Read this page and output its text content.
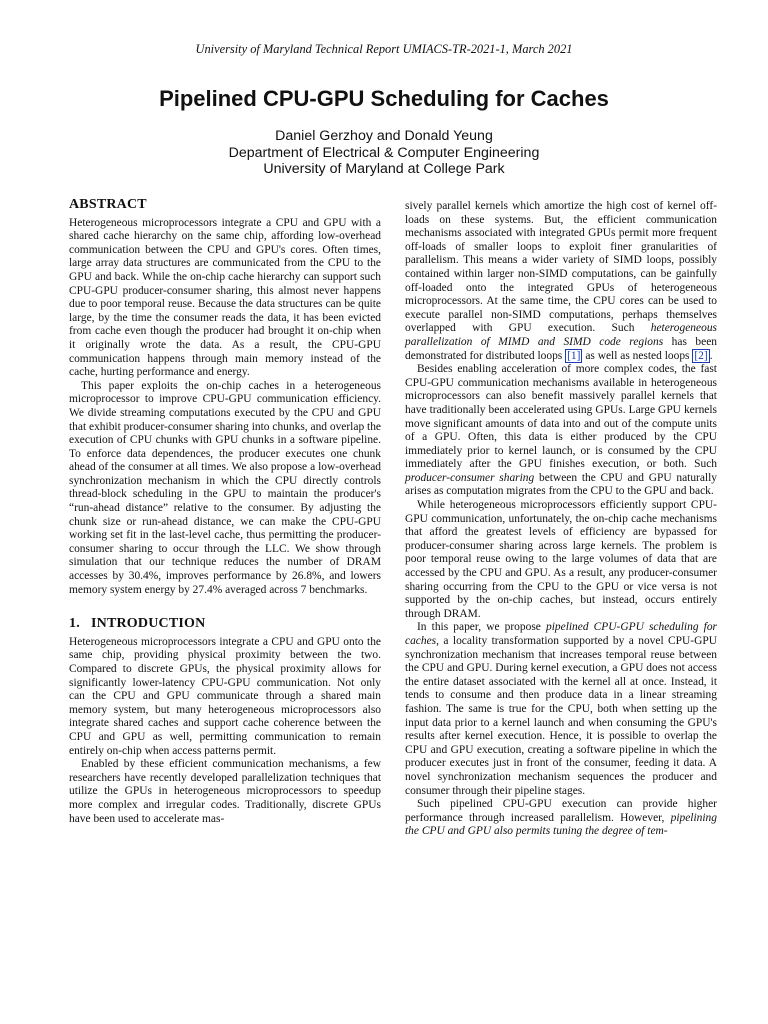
University of Maryland Technical Report UMIACS-TR-2021-1, March 2021
Pipelined CPU-GPU Scheduling for Caches
Daniel Gerzhoy and Donald Yeung
Department of Electrical & Computer Engineering
University of Maryland at College Park
ABSTRACT

Heterogeneous microprocessors integrate a CPU and GPU with a shared cache hierarchy on the same chip, affording low-overhead communication between the CPU and GPU's cores. Often times, large array data structures are communicated from the CPU to the GPU and back. While the on-chip cache hierarchy can support such CPU-GPU producer-consumer sharing, this almost never happens due to poor temporal reuse. Because the data structures can be quite large, by the time the consumer reads the data, it has been evicted from cache even though the producer had brought it on-chip when it originally wrote the data. As a result, the CPU-GPU communication happens through main memory instead of the cache, hurting performance and energy.

This paper exploits the on-chip caches in a heterogeneous microprocessor to improve CPU-GPU communication efficiency. We divide streaming computations executed by the CPU and GPU that exhibit producer-consumer sharing into chunks, and overlap the execution of CPU chunks with GPU chunks in a software pipeline. To enforce data dependences, the producer executes one chunk ahead of the consumer at all times. We also propose a low-overhead synchronization mechanism in which the CPU directly controls thread-block scheduling in the GPU to maintain the producer's “run-ahead distance” relative to the consumer. By adjusting the chunk size or run-ahead distance, we can make the CPU-GPU working set fit in the last-level cache, thus permitting the producer-consumer sharing to occur through the LLC. We show through simulation that our technique reduces the number of DRAM accesses by 30.4%, improves performance by 26.8%, and lowers memory system energy by 27.4% averaged across 7 benchmarks.

1.   INTRODUCTION

Heterogeneous microprocessors integrate a CPU and GPU onto the same chip, providing physical proximity between the two. Compared to discrete GPUs, the physical proximity allows for significantly lower-latency CPU-GPU communication. Not only can the CPU and GPU communicate through a shared main memory system, but many heterogeneous microprocessors also integrate shared caches and support cache coherence between the CPU and GPU as well, permitting communication to remain entirely on-chip when access patterns permit.

Enabled by these efficient communication mechanisms, a few researchers have recently developed parallelization techniques that utilize the GPUs in heterogeneous microprocessors to speedup more complex and irregular codes. Traditionally, discrete GPUs have been used to accelerate mas-

sively parallel kernels which amortize the high cost of kernel off-loads on these systems. But, the efficient communication mechanisms associated with integrated GPUs permit more frequent off-loads of smaller loops to exploit finer granularities of parallelism. This means a wider variety of SIMD loops, possibly contained within larger non-SIMD computations, can be gainfully off-loaded onto the integrated GPUs of heterogeneous microprocessors. At the same time, the CPU cores can be used to execute parallel non-SIMD computations, perhaps themselves overlapped with GPU execution. Such heterogeneous parallelization of MIMD and SIMD code regions has been demonstrated for distributed loops [1] as well as nested loops [2] .

Besides enabling acceleration of more complex codes, the fast CPU-GPU communication mechanisms available in heterogeneous microprocessors can also benefit massively parallel kernels that have traditionally been accelerated using GPUs. Large GPU kernels move significant amounts of data into and out of the compute units of a GPU. Often, this data is either produced by the CPU immediately prior to kernel launch, or is consumed by the CPU immediately after the GPU finishes execution, or both. Such producer-consumer sharing between the CPU and GPU naturally arises as computation migrates from the CPU to the GPU and back.

While heterogeneous microprocessors efficiently support CPU-GPU communication, unfortunately, the on-chip cache mechanisms that afford the greatest levels of efficiency are bypassed for producer-consumer sharing across large kernels. The problem is poor temporal reuse owing to the large volumes of data that are accessed by the CPU and GPU. As a result, any producer-consumer sharing occurring from the CPU to the GPU or vice versa is not supported by the on-chip caches, but instead, occurs entirely through DRAM.

In this paper, we propose pipelined CPU-GPU scheduling for caches, a locality transformation supported by a novel CPU-GPU synchronization mechanism that increases temporal reuse between the CPU and GPU. During kernel execution, a GPU does not access the entire dataset associated with the kernel all at once. Instead, it tends to consume and then produce data in a linear streaming fashion. The same is true for the CPU, both when setting up the input data prior to a kernel launch and when consuming the GPU's results after kernel execution. Hence, it is possible to overlap the CPU and GPU execution, creating a software pipeline in which the producer executes just in front of the consumer, feeding it data. A novel synchronization mechanism sequences the producer and consumer through their pipeline stages.

Such pipelined CPU-GPU execution can provide higher performance through increased parallelism. However, pipelining the CPU and GPU also permits tuning the degree of tem-
